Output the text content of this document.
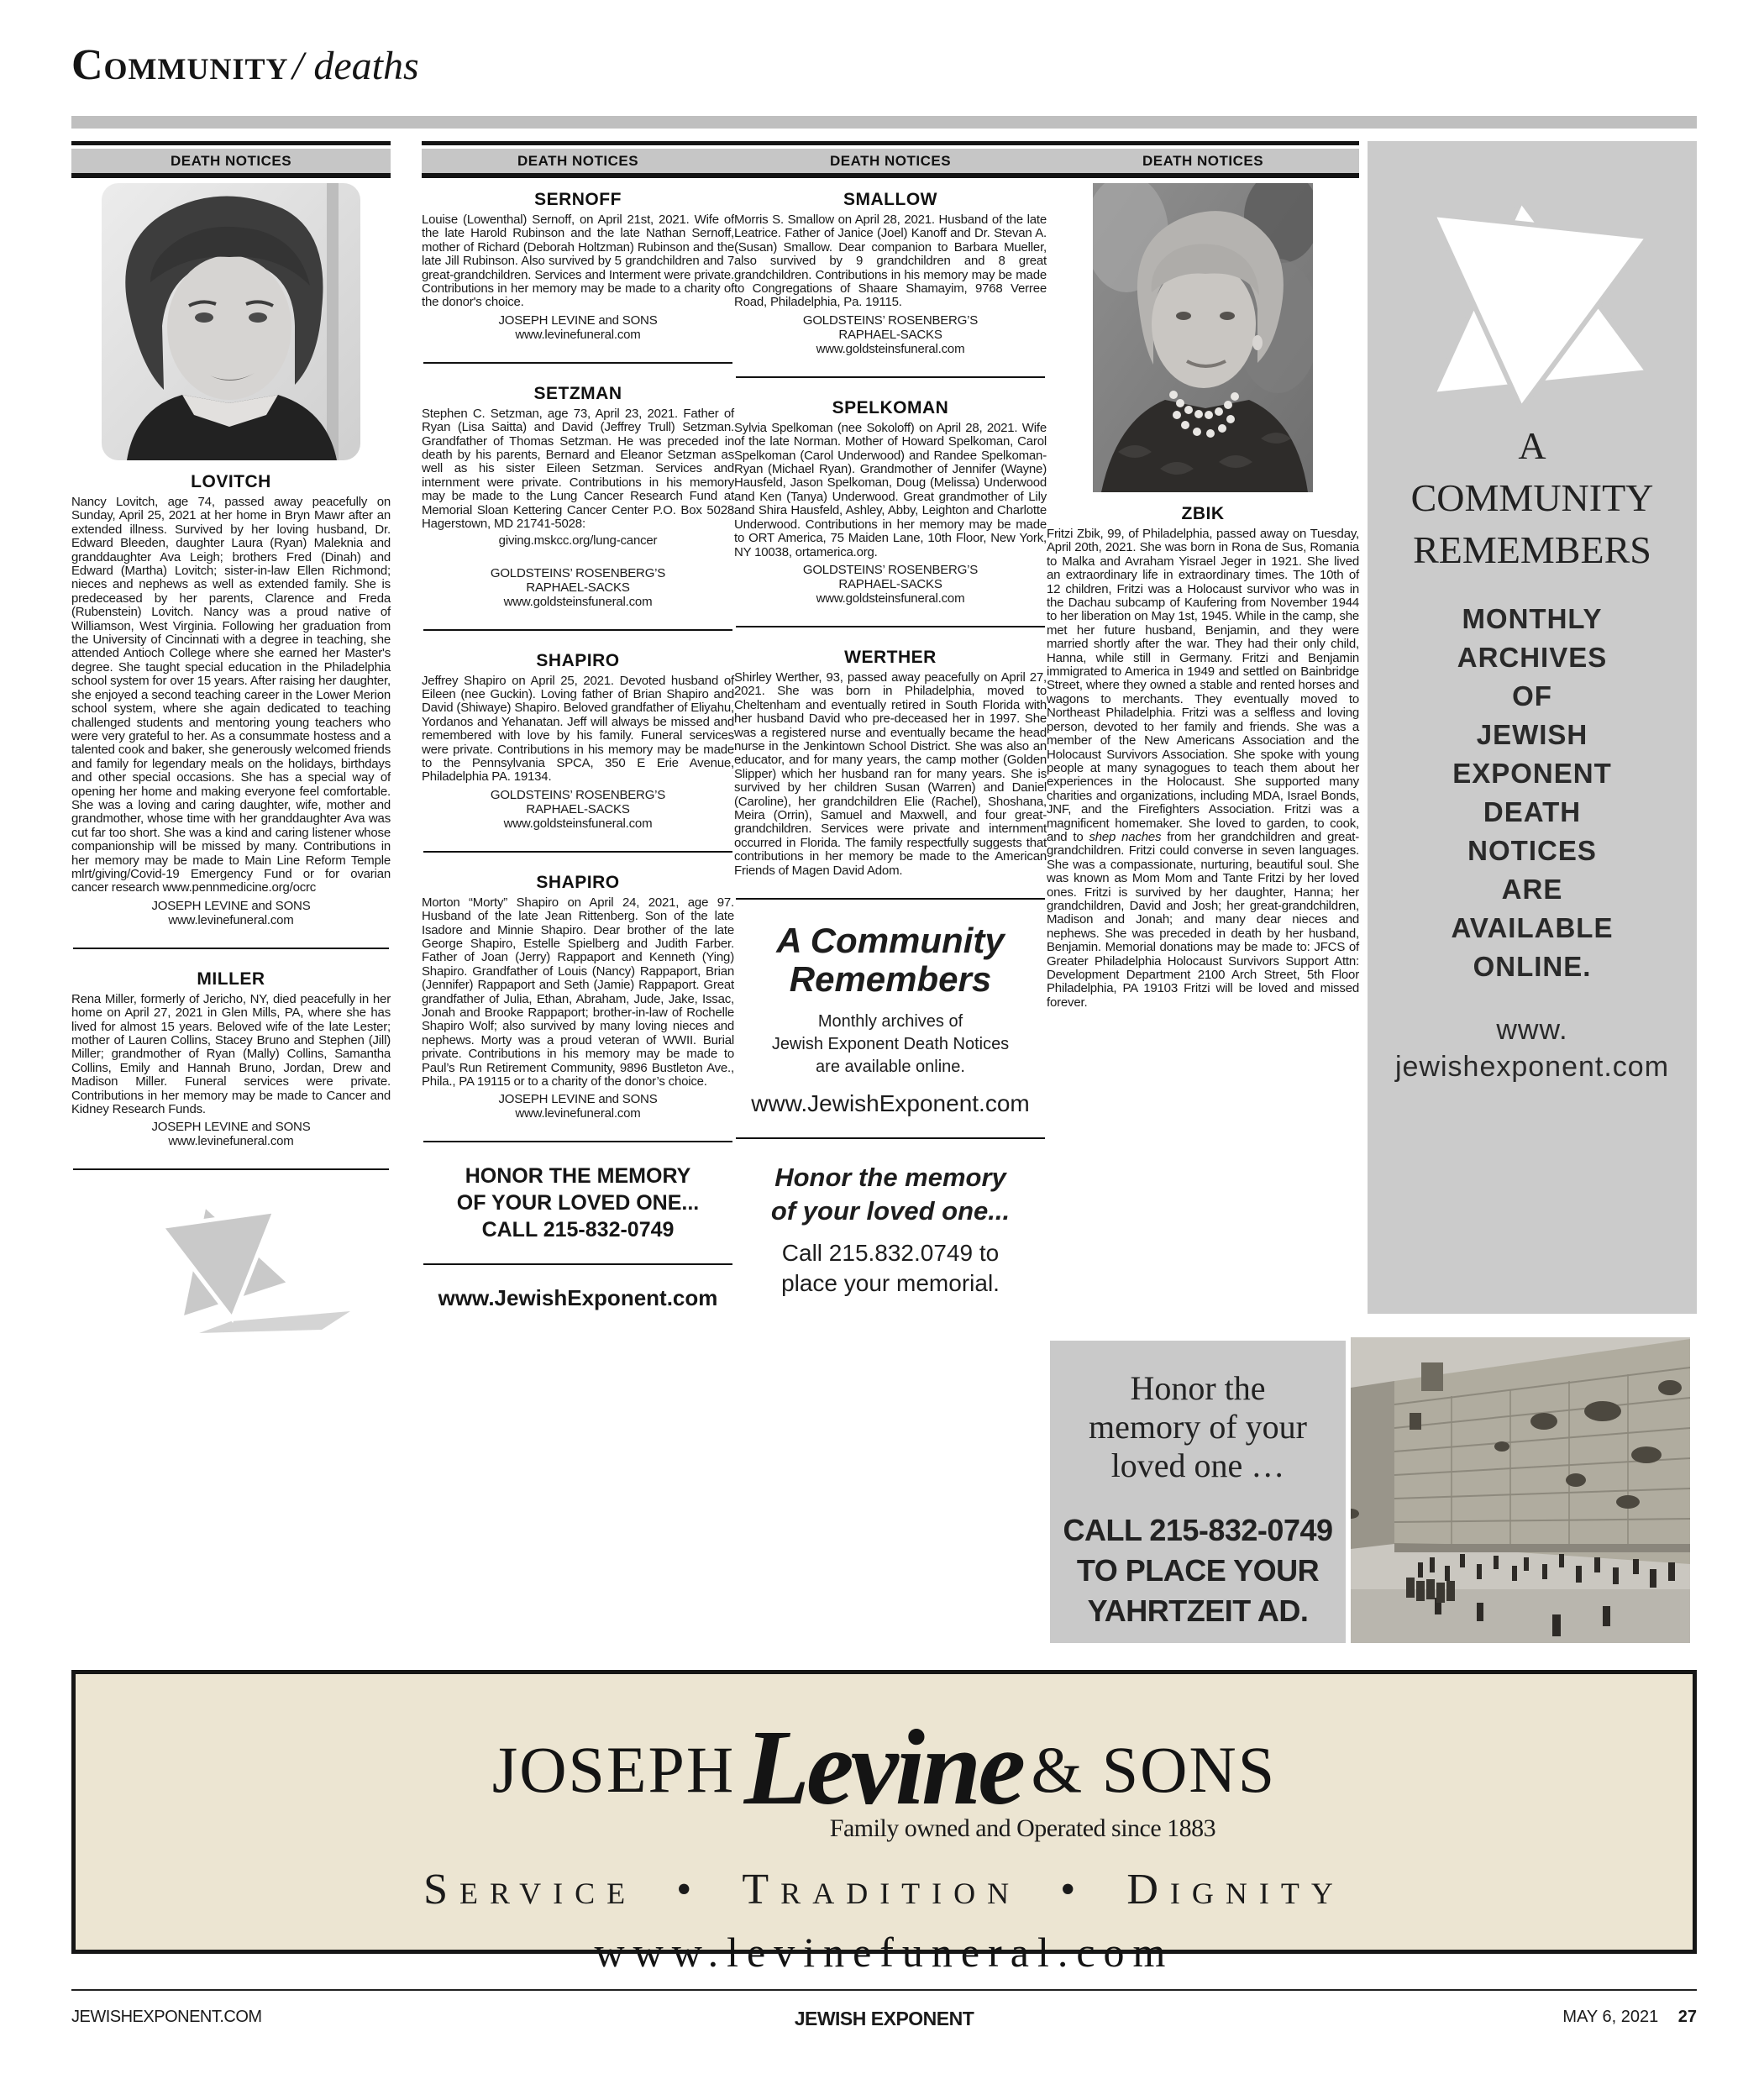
Community / deaths
DEATH NOTICES
LOVITCH

Nancy Lovitch, age 74, passed away peacefully on Sunday, April 25, 2021 at her home in Bryn Mawr after an extended illness. Survived by her loving husband, Dr. Edward Bleeden, daughter Laura (Ryan) Maleknia and granddaughter Ava Leigh; brothers Fred (Dinah) and Edward (Martha) Lovitch; sister-in-law Ellen Richmond; nieces and nephews as well as extended family. She is predeceased by her parents, Clarence and Freda (Rubenstein) Lovitch. Nancy was a proud native of Williamson, West Virginia. Following her graduation from the University of Cincinnati with a degree in teaching, she attended Antioch College where she earned her Master's degree. She taught special education in the Philadelphia school system for over 15 years. After raising her daughter, she enjoyed a second teaching career in the Lower Merion school system, where she again dedicated to teaching challenged students and mentoring young teachers who were very grateful to her. As a consummate hostess and a talented cook and baker, she generously welcomed friends and family for legendary meals on the holidays, birthdays and other special occasions. She has a special way of opening her home and making everyone feel comfortable. She was a loving and caring daughter, wife, mother and grandmother, whose time with her granddaughter Ava was cut far too short. She was a kind and caring listener whose companionship will be missed by many. Contributions in her memory may be made to Main Line Reform Temple mlrt/giving/Covid-19 Emergency Fund or for ovarian cancer research www.pennmedicine.org/ocrc

JOSEPH LEVINE and SONS

www.levinefuneral.com

MILLER

Rena Miller, formerly of Jericho, NY, died peacefully in her home on April 27, 2021 in Glen Mills, PA, where she has lived for almost 15 years. Beloved wife of the late Lester; mother of Lauren Collins, Stacey Bruno and Stephen (Jill) Miller; grandmother of Ryan (Mally) Collins, Samantha Collins, Emily and Hannah Bruno, Jordan, Drew and Madison Miller. Funeral services were private. Contributions in her memory may be made to Cancer and Kidney Research Funds.

JOSEPH LEVINE and SONS

www.levinefuneral.com

DEATH NOTICES
SERNOFF

Louise (Lowenthal) Sernoff, on April 21st, 2021. Wife of the late Harold Rubinson and the late Nathan Sernoff, mother of Richard (Deborah Holtzman) Rubinson and the late Jill Rubinson. Also survived by 5 grandchildren and 7 great-grandchildren. Services and Interment were private. Contributions in her memory may be made to a charity of the donor's choice.

JOSEPH LEVINE and SONS

www.levinefuneral.com

SETZMAN

Stephen C. Setzman, age 73, April 23, 2021. Father of Ryan (Lisa Saitta) and David (Jeffrey Trull) Setzman. Grandfather of Thomas Setzman. He was preceded in death by his parents, Bernard and Eleanor Setzman as well as his sister Eileen Setzman. Services and internment were private. Contributions in his memory may be made to the Lung Cancer Research Fund at Memorial Sloan Kettering Cancer Center P.O. Box 5028 Hagerstown, MD 21741-5028:

giving.mskcc.org/lung-cancer

GOLDSTEINS’ ROSENBERG’S

RAPHAEL-SACKS

www.goldsteinsfuneral.com

SHAPIRO

Jeffrey Shapiro on April 25, 2021. Devoted husband of Eileen (nee Guckin). Loving father of Brian Shapiro and David (Shiwaye) Shapiro. Beloved grandfather of Eliyahu, Yordanos and Yehanatan. Jeff will always be missed and remembered with love by his family. Funeral services were private. Contributions in his memory may be made to the Pennsylvania SPCA, 350 E Erie Avenue, Philadelphia PA. 19134.

GOLDSTEINS’ ROSENBERG’S

RAPHAEL-SACKS

www.goldsteinsfuneral.com

SHAPIRO

Morton “Morty” Shapiro on April 24, 2021, age 97. Husband of the late Jean Rittenberg. Son of the late Isadore and Minnie Shapiro. Dear brother of the late George Shapiro, Estelle Spielberg and Judith Farber. Father of Joan (Jerry) Rappaport and Kenneth (Ying) Shapiro. Grandfather of Louis (Nancy) Rappaport, Brian (Jennifer) Rappaport and Seth (Jamie) Rappaport. Great grandfather of Julia, Ethan, Abraham, Jude, Jake, Issac, Jonah and Brooke Rappaport; brother-in-law of Rochelle Shapiro Wolf; also survived by many loving nieces and nephews. Morty was a proud veteran of WWII. Burial private. Contributions in his memory may be made to Paul’s Run Retirement Community, 9896 Bustleton Ave., Phila., PA 19115 or to a charity of the donor’s choice.

JOSEPH LEVINE and SONS

www.levinefuneral.com

HONOR THE MEMORY
OF YOUR LOVED ONE...
CALL 215-832-0749
www.JewishExponent.com
DEATH NOTICES
SMALLOW

Morris S. Smallow on April 28, 2021. Husband of the late Leatrice. Father of Janice (Joel) Kanoff and Dr. Stevan A. (Susan) Smallow. Dear companion to Barbara Mueller, also survived by 9 grandchildren and 8 great grandchildren. Contributions in his memory may be made to Congregations of Shaare Shamayim, 9768 Verree Road, Philadelphia, Pa. 19115.

GOLDSTEINS’ ROSENBERG’S

RAPHAEL-SACKS

www.goldsteinsfuneral.com

SPELKOMAN

Sylvia Spelkoman (nee Sokoloff) on April 28, 2021. Wife of the late Norman. Mother of Howard Spelkoman, Carol Spelkoman (Carol Underwood) and Randee Spelkoman-Ryan (Michael Ryan). Grandmother of Jennifer (Wayne) Hausfeld, Jason Spelkoman, Doug (Melissa) Underwood and Ken (Tanya) Underwood. Great grandmother of Lily and Shira Hausfeld, Ashley, Abby, Leighton and Charlotte Underwood. Contributions in her memory may be made to ORT America, 75 Maiden Lane, 10th Floor, New York, NY 10038, ortamerica.org.

GOLDSTEINS’ ROSENBERG’S

RAPHAEL-SACKS

www.goldsteinsfuneral.com

WERTHER

Shirley Werther, 93, passed away peacefully on April 27, 2021. She was born in Philadelphia, moved to Cheltenham and eventually retired in South Florida with her husband David who pre-deceased her in 1997. She was a registered nurse and eventually became the head nurse in the Jenkintown School District. She was also an educator, and for many years, the camp mother (Golden Slipper) which her husband ran for many years. She is survived by her children Susan (Warren) and Daniel (Caroline), her grandchildren Elie (Rachel), Shoshana, Meira (Orrin), Samuel and Maxwell, and four great-grandchildren. Services were private and internment occurred in Florida. The family respectfully suggests that contributions in her memory be made to the American Friends of Magen David Adom.

A Community
Remembers

Monthly archives of

Jewish Exponent Death Notices

are available online.

www.JewishExponent.com

Honor the memory
of your loved one...

Call 215.832.0749 to

place your memorial.

DEATH NOTICES
ZBIK

Fritzi Zbik, 99, of Philadelphia, passed away on Tuesday, April 20th, 2021. She was born in Rona de Sus, Romania to Malka and Avraham Yisrael Jeger in 1921. She lived an extraordinary life in extraordinary times. The 10th of 12 children, Fritzi was a Holocaust survivor who was in the Dachau subcamp of Kaufering from November 1944 to her liberation on May 1st, 1945. While in the camp, she met her future husband, Benjamin, and they were married shortly after the war. They had their only child, Hanna, while still in Germany. Fritzi and Benjamin immigrated to America in 1949 and settled on Bainbridge Street, where they owned a stable and rented horses and wagons to merchants. They eventually moved to Northeast Philadelphia. Fritzi was a selfless and loving person, devoted to her family and friends. She was a member of the New Americans Association and the Holocaust Survivors Association. She spoke with young people at many synagogues to teach them about her experiences in the Holocaust. She supported many charities and organizations, including MDA, Israel Bonds, JNF, and the Firefighters Association. Fritzi was a magnificent homemaker. She loved to garden, to cook, and to shep naches from her grandchildren and great-grandchildren. Fritzi could converse in seven languages. She was a compassionate, nurturing, beautiful soul. She was known as Mom Mom and Tante Fritzi by her loved ones. Fritzi is survived by her daughter, Hanna; her grandchildren, David and Josh; her great-grandchildren, Madison and Jonah; and many dear nieces and nephews. She was preceded in death by her husband, Benjamin. Memorial donations may be made to: JFCS of Greater Philadelphia Holocaust Survivors Support Attn: Development Department 2100 Arch Street, 5th Floor Philadelphia, PA 19103 Fritzi will be loved and missed forever.

A
COMMUNITY
REMEMBERS
MONTHLY
ARCHIVES
OF
JEWISH
EXPONENT
DEATH
NOTICES
ARE
AVAILABLE
ONLINE.
www.
jewishexponent.com
Honor the
memory of your
loved one …
CALL 215-832-0749
TO PLACE YOUR
YAHRTZEIT AD.
JOSEPH Levine & SONS
Family owned and Operated since 1883
Service • Tradition • Dignity
www.levinefuneral.com
JEWISHEXPONENT.COM	JEWISH EXPONENT	MAY 6, 2021 27
